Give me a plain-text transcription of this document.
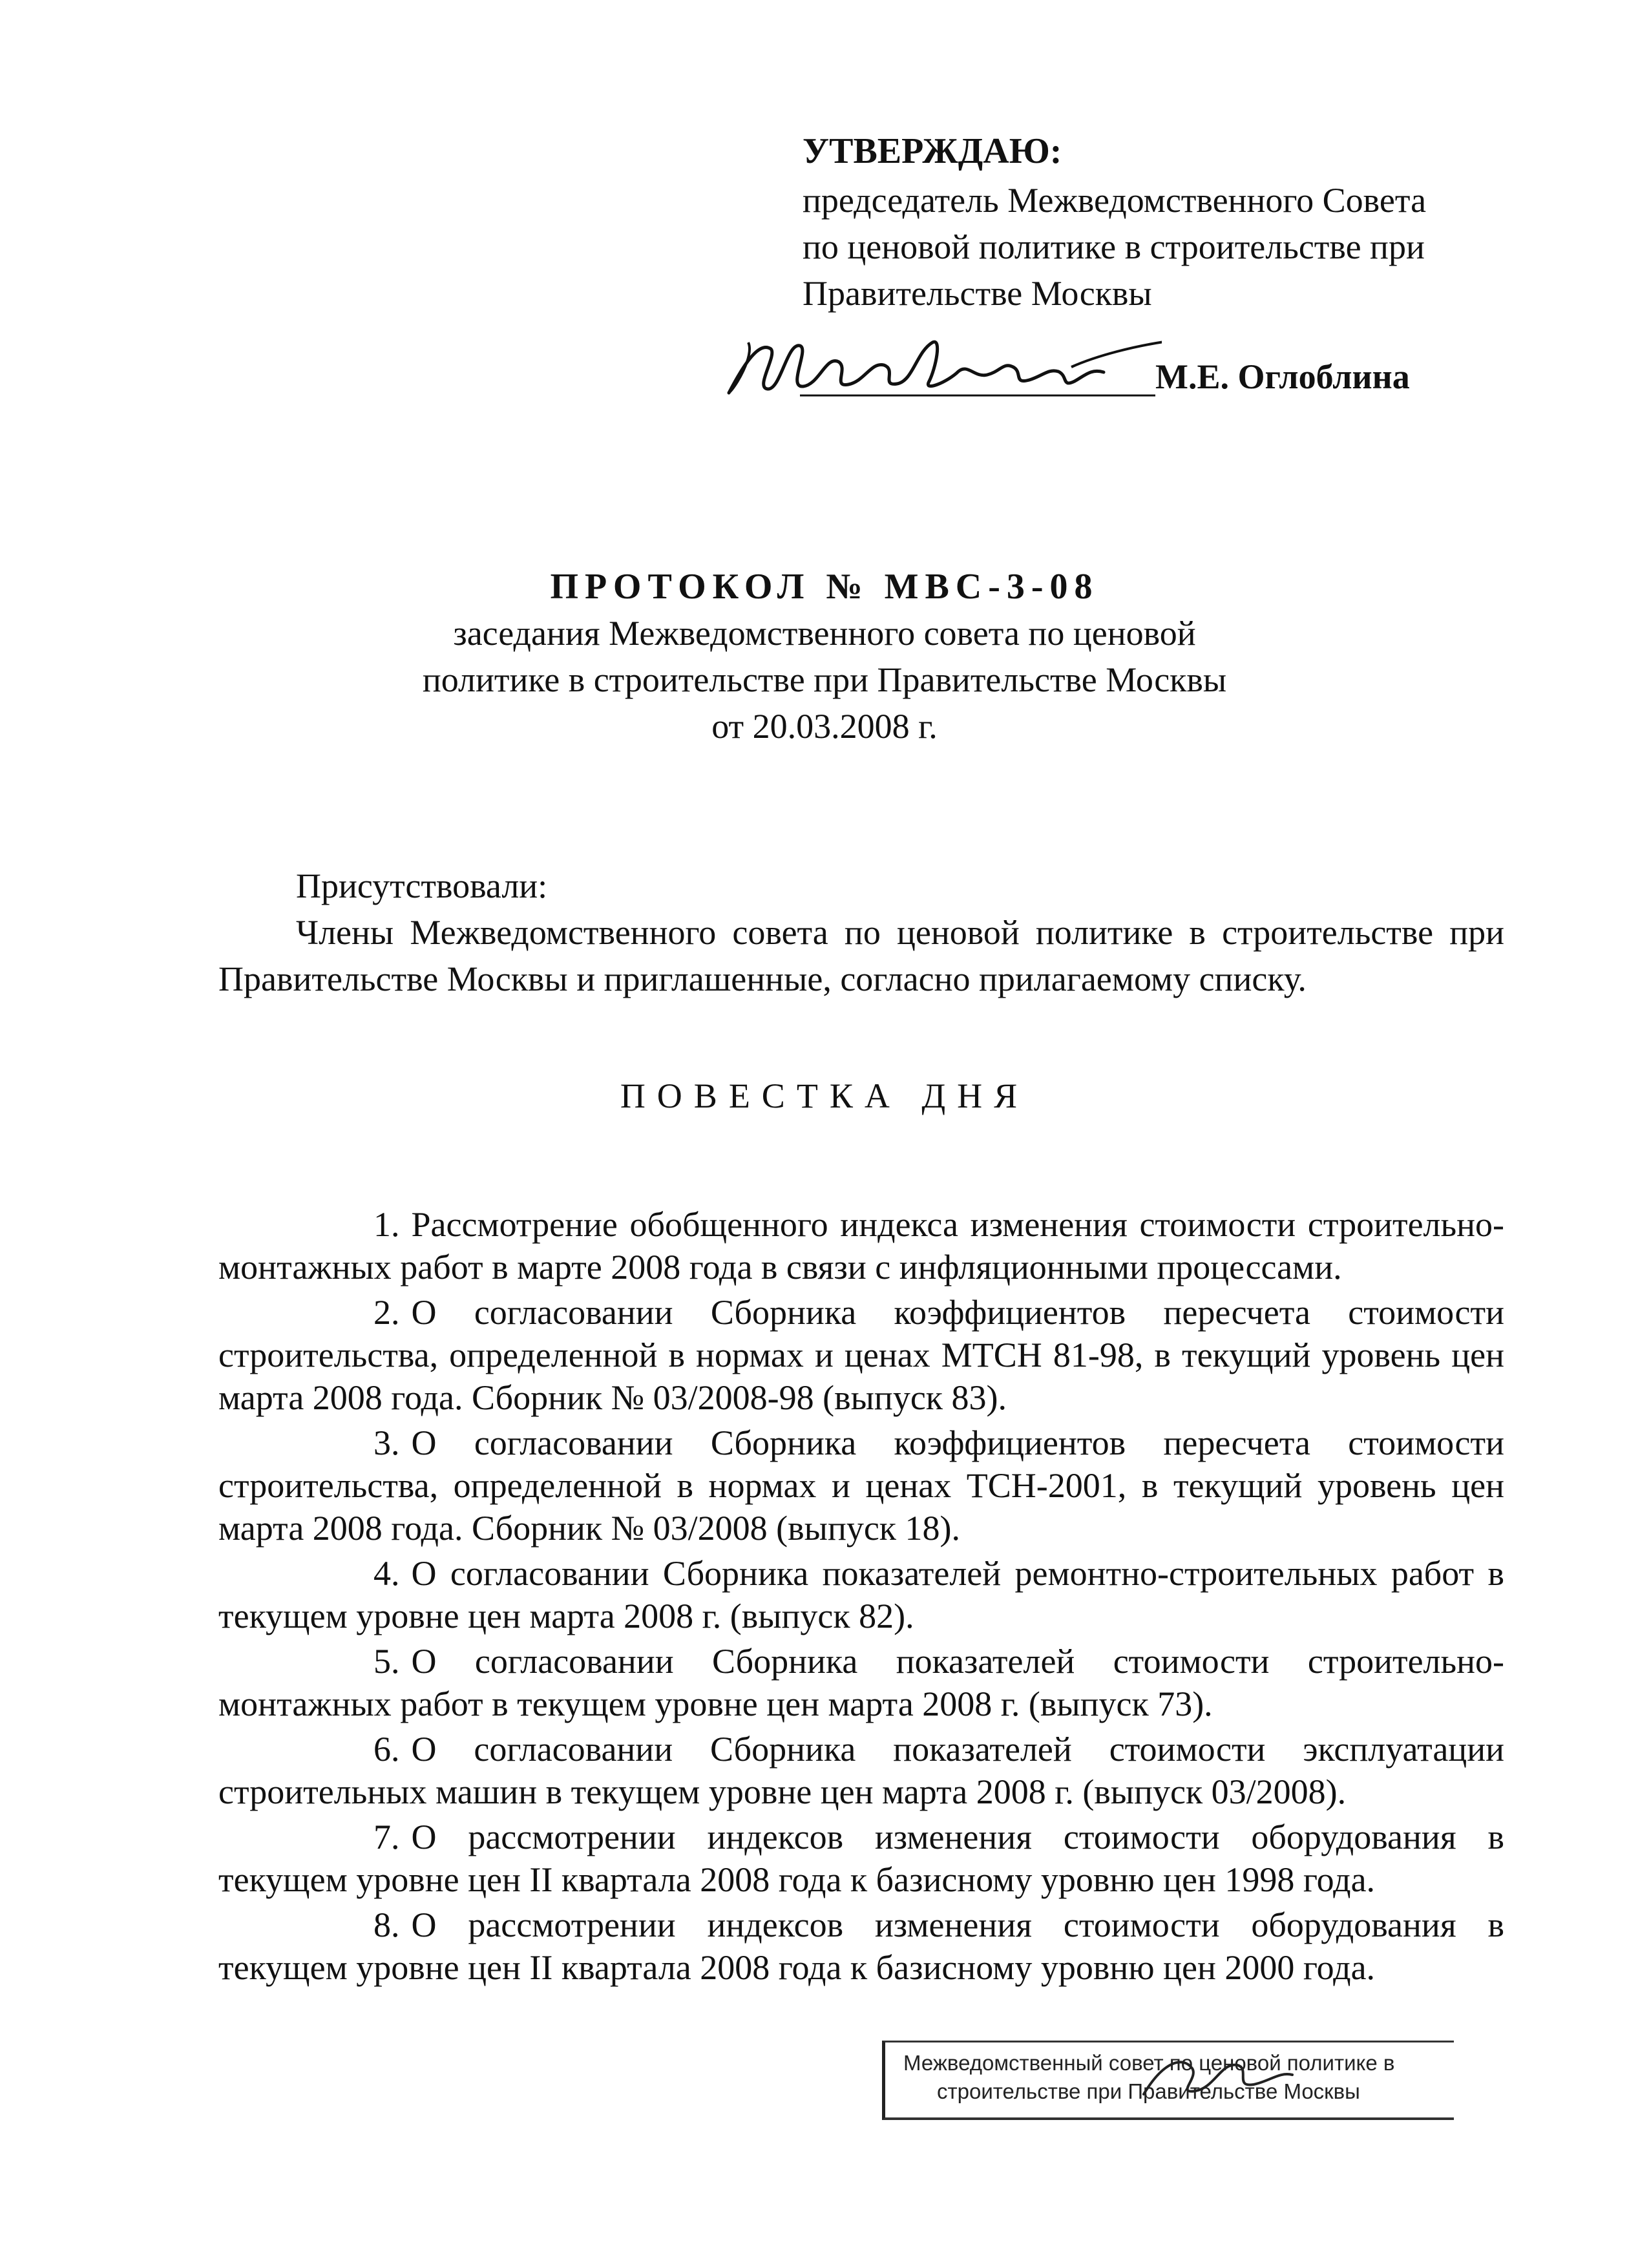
УТВЕРЖДАЮ:
председатель Межведомственного Совета
по ценовой политике в строительстве при
Правительстве Москвы
М.Е. Оглоблина
ПРОТОКОЛ № МВС-3-08
заседания Межведомственного совета по ценовой
политике в строительстве при Правительстве Москвы
от 20.03.2008 г.
Присутствовали:
Члены Межведомственного совета по ценовой политике в строительстве при Правительстве Москвы и приглашенные, согласно прилагаемому списку.
ПОВЕСТКА ДНЯ
1. Рассмотрение обобщенного индекса изменения стоимости строительно-монтажных работ в марте 2008 года в связи с инфляционными процессами.
2. О согласовании Сборника коэффициентов пересчета стоимости строительства, определенной в нормах и ценах МТСН 81-98, в текущий уровень цен марта 2008 года. Сборник № 03/2008-98 (выпуск 83).
3. О согласовании Сборника коэффициентов пересчета стоимости строительства, определенной в нормах и ценах ТСН-2001, в текущий уровень цен марта 2008 года. Сборник № 03/2008 (выпуск 18).
4. О согласовании Сборника показателей ремонтно-строительных работ в текущем уровне цен марта 2008 г. (выпуск 82).
5. О согласовании Сборника показателей стоимости строительно-монтажных работ в текущем уровне цен марта 2008 г. (выпуск 73).
6. О согласовании Сборника показателей стоимости эксплуатации строительных машин в текущем уровне цен марта 2008 г. (выпуск 03/2008).
7. О рассмотрении индексов изменения стоимости оборудования в текущем уровне цен II квартала 2008 года к базисному уровню цен 1998 года.
8. О рассмотрении индексов изменения стоимости оборудования в текущем уровне цен II квартала 2008 года к базисному уровню цен 2000 года.
Межведомственный совет по ценовой политике в
строительстве при Правительстве Москвы
